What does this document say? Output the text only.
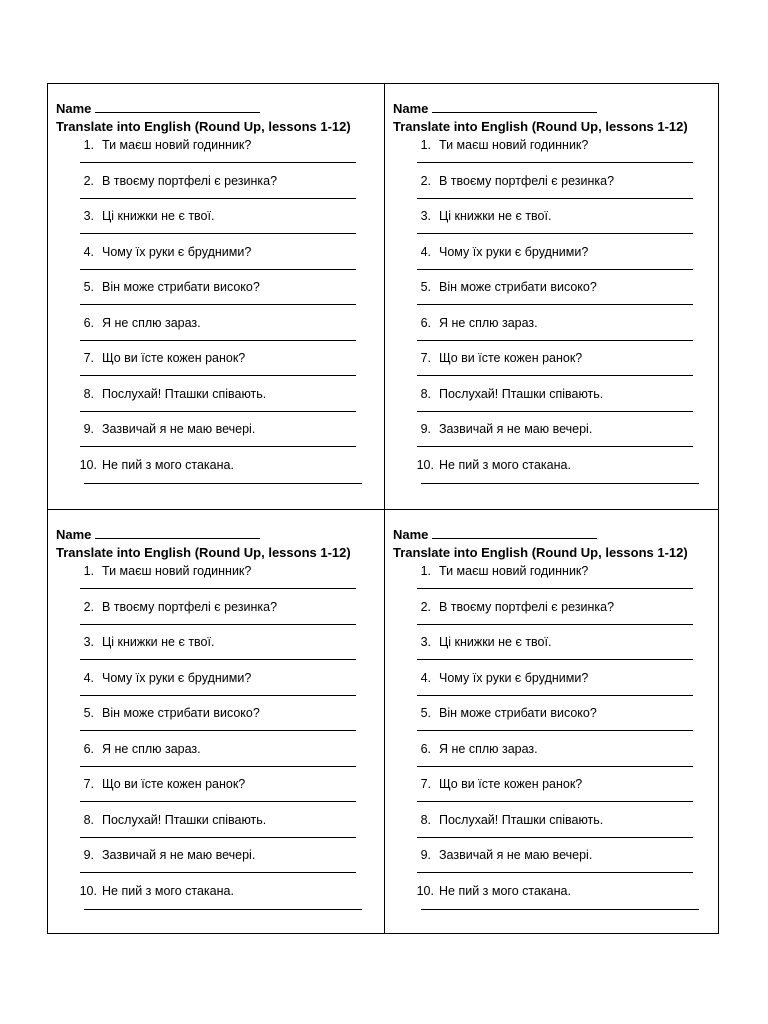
Name
Translate into English (Round Up, lessons 1-12)
1. Ти маєш новий годинник?
2. В твоєму портфелі є резинка?
3. Ці книжки не є твої.
4. Чому їх руки є брудними?
5. Він може стрибати високо?
6. Я не сплю зараз.
7. Що ви їсте кожен ранок?
8. Послухай! Пташки співають.
9. Зазвичай я не маю вечері.
10. Не пий з мого стакана.
Name
Translate into English (Round Up, lessons 1-12)
1. Ти маєш новий годинник?
2. В твоєму портфелі є резинка?
3. Ці книжки не є твої.
4. Чому їх руки є брудними?
5. Він може стрибати високо?
6. Я не сплю зараз.
7. Що ви їсте кожен ранок?
8. Послухай! Пташки співають.
9. Зазвичай я не маю вечері.
10. Не пий з мого стакана.
Name
Translate into English (Round Up, lessons 1-12)
1. Ти маєш новий годинник?
2. В твоєму портфелі є резинка?
3. Ці книжки не є твої.
4. Чому їх руки є брудними?
5. Він може стрибати високо?
6. Я не сплю зараз.
7. Що ви їсте кожен ранок?
8. Послухай! Пташки співають.
9. Зазвичай я не маю вечері.
10. Не пий з мого стакана.
Name
Translate into English (Round Up, lessons 1-12)
1. Ти маєш новий годинник?
2. В твоєму портфелі є резинка?
3. Ці книжки не є твої.
4. Чому їх руки є брудними?
5. Він може стрибати високо?
6. Я не сплю зараз.
7. Що ви їсте кожен ранок?
8. Послухай! Пташки співають.
9. Зазвичай я не маю вечері.
10. Не пий з мого стакана.
